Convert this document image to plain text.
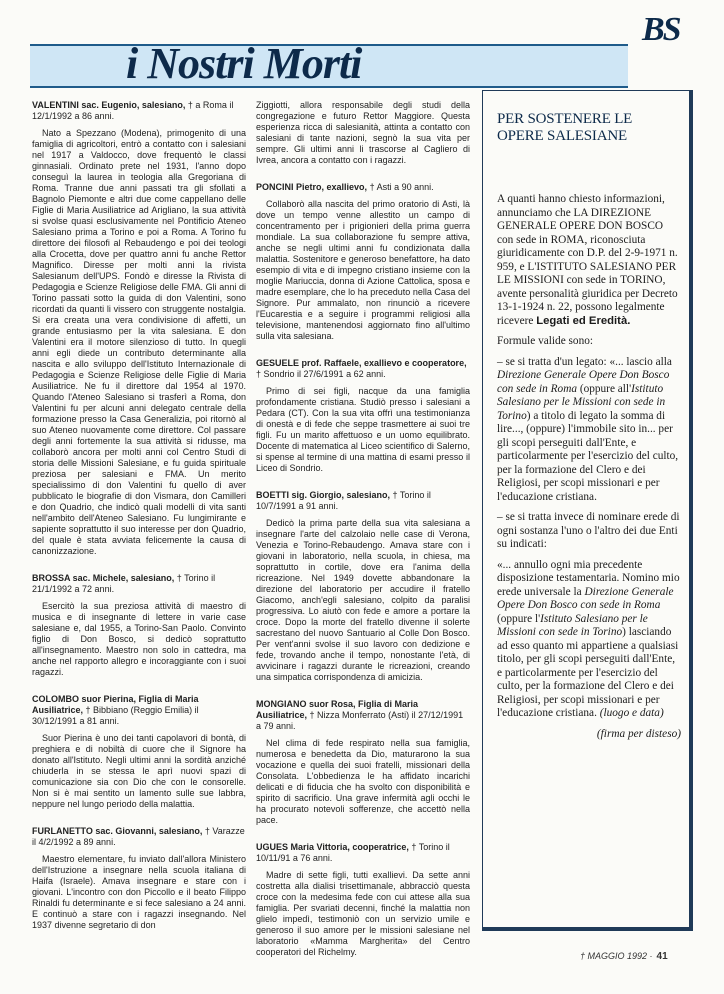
i Nostri Morti
BS
VALENTINI sac. Eugenio, salesiano, † a Roma il 12/1/1992 a 86 anni.

Nato a Spezzano (Modena), primogenito di una famiglia di agricoltori, entrò a contatto con i salesiani nel 1917 a Valdocco, dove frequentò le classi ginnasiali. Ordinato prete nel 1931, l'anno dopo conseguì la laurea in teologia alla Gregoriana di Roma. Tranne due anni passati tra gli sfollati a Bagnolo Piemonte e altri due come cappellano delle Figlie di Maria Ausiliatrice ad Arigliano, la sua attività si svolse quasi esclusivamente nel Pontificio Ateneo Salesiano prima a Torino e poi a Roma. A Torino fu direttore dei filosofi al Rebaudengo e poi dei teologi alla Crocetta, dove per quattro anni fu anche Rettor Magnifico. Diresse per molti anni la rivista Salesianum dell'UPS. Fondò e diresse la Rivista di Pedagogia e Scienze Religiose delle FMA. Gli anni di Torino passati sotto la guida di don Valentini, sono ricordati da quanti li vissero con struggente nostalgia. Si era creata una vera condivisione di affetti, un grande entusiasmo per la vita salesiana. E don Valentini era il motore silenzioso di tutto. In quegli anni egli diede un contributo determinante alla nascita e allo sviluppo dell'Istituto Internazionale di Pedagogia e Scienze Religiose delle Figlie di Maria Ausiliatrice. Ne fu il direttore dal 1954 al 1970. Quando l'Ateneo Salesiano si trasferì a Roma, don Valentini fu per alcuni anni delegato centrale della formazione presso la Casa Generalizia, poi ritornò al suo Ateneo nuovamente come direttore. Col passare degli anni fortemente la sua attività si ridusse, ma collaborò ancora per molti anni col Centro Studi di storia delle Missioni Salesiane, e fu guida spirituale preziosa per salesiani e FMA. Un merito specialissimo di don Valentini fu quello di aver pubblicato le biografie di don Vismara, don Camilleri e don Quadrio, che indicò quali modelli di vita santi nell'ambito dell'Ateneo Salesiano. Fu lungimirante e sapiente soprattutto il suo interesse per don Quadrio, del quale è stata avviata felicemente la causa di canonizzazione.

BROSSA sac. Michele, salesiano, † Torino il 21/1/1992 a 72 anni.

Esercitò la sua preziosa attività di maestro di musica e di insegnante di lettere in varie case salesiane e, dal 1955, a Torino-San Paolo. Convinto figlio di Don Bosco, si dedicò soprattutto all'insegnamento. Maestro non solo in cattedra, ma anche nel rapporto allegro e incoraggiante con i suoi ragazzi.

COLOMBO suor Pierina, Figlia di Maria Ausiliatrice, † Bibbiano (Reggio Emilia) il 30/12/1991 a 81 anni.

Suor Pierina è uno dei tanti capolavori di bontà, di preghiera e di nobiltà di cuore che il Signore ha donato all'Istituto. Negli ultimi anni la sordità anziché chiuderla in se stessa le aprì nuovi spazi di comunicazione sia con Dio che con le consorelle. Non si è mai sentito un lamento sulle sue labbra, neppure nel lungo periodo della malattia.

FURLANETTO sac. Giovanni, salesiano, † Varazze il 4/2/1992 a 89 anni.

Maestro elementare, fu inviato dall'allora Ministero dell'Istruzione a insegnare nella scuola italiana di Haifa (Israele). Amava insegnare e stare con i giovani. L'incontro con don Piccollo e il beato Filippo Rinaldi fu determinante e si fece salesiano a 24 anni. E continuò a stare con i ragazzi insegnando. Nel 1937 divenne segretario di don

Ziggiotti, allora responsabile degli studi della congregazione e futuro Rettor Maggiore. Questa esperienza ricca di salesianità, attinta a contatto con salesiani di tante nazioni, segnò la sua vita per sempre. Gli ultimi anni li trascorse al Cagliero di Ivrea, ancora a contatto con i ragazzi.

PONCINI Pietro, exallievo, † Asti a 90 anni.

Collaborò alla nascita del primo oratorio di Asti, là dove un tempo venne allestito un campo di concentramento per i prigionieri della prima guerra mondiale. La sua collaborazione fu sempre attiva, anche se negli ultimi anni fu condizionata dalla malattia. Sostenitore e generoso benefattore, ha dato esempio di vita e di impegno cristiano insieme con la moglie Mariuccia, donna di Azione Cattolica, sposa e madre esemplare, che lo ha preceduto nella Casa del Signore. Pur ammalato, non rinunciò a ricevere l'Eucarestia e a seguire i programmi religiosi alla televisione, mantenendosi aggiornato fino all'ultimo sulla vita salesiana.

GESUELE prof. Raffaele, exallievo e cooperatore, † Sondrio il 27/6/1991 a 62 anni.

Primo di sei figli, nacque da una famiglia profondamente cristiana. Studiò presso i salesiani a Pedara (CT). Con la sua vita offrì una testimonianza di onestà e di fede che seppe trasmettere ai suoi tre figli. Fu un marito affettuoso e un uomo equilibrato. Docente di matematica al Liceo scientifico di Salerno, si spense al termine di una mattina di esami presso il Liceo di Sondrio.

BOETTI sig. Giorgio, salesiano, † Torino il 10/7/1991 a 91 anni.

Dedicò la prima parte della sua vita salesiana a insegnare l'arte del calzolaio nelle case di Verona, Venezia e Torino-Rebaudengo. Amava stare con i giovani in laboratorio, nella scuola, in chiesa, ma soprattutto in cortile, dove era l'anima della ricreazione. Nel 1949 dovette abbandonare la direzione del laboratorio per accudire il fratello Giacomo, anch'egli salesiano, colpito da paralisi progressiva. Lo aiutò con fede e amore a portare la croce. Dopo la morte del fratello divenne il solerte sacrestano del nuovo Santuario al Colle Don Bosco. Per vent'anni svolse il suo lavoro con dedizione e fede, trovando anche il tempo, nonostante l'età, di avvicinare i ragazzi durante le ricreazioni, creando una simpatica corrispondenza di amicizia.

MONGIANO suor Rosa, Figlia di Maria Ausiliatrice, † Nizza Monferrato (Asti) il 27/12/1991 a 79 anni.

Nel clima di fede respirato nella sua famiglia, numerosa e benedetta da Dio, maturarono la sua vocazione e quella dei suoi fratelli, missionari della Consolata. L'obbedienza le ha affidato incarichi delicati e di fiducia che ha svolto con disponibilità e spirito di sacrificio. Una grave infermità agli occhi le ha procurato notevoli sofferenze, che accettò nella pace.

UGUES Maria Vittoria, cooperatrice, † Torino il 10/11/91 a 76 anni.

Madre di sette figli, tutti exallievi. Da sette anni costretta alla dialisi trisettimanale, abbracciò questa croce con la medesima fede con cui attese alla sua famiglia. Per svariati decenni, finché la malattia non glielo impedì, testimoniò con un servizio umile e generoso il suo amore per le missioni salesiane nel laboratorio «Mamma Margherita» del Centro cooperatori del Richelmy.

PER SOSTENERE LE OPERE SALESIANE

A quanti hanno chiesto informazioni, annunciamo che LA DIREZIONE GENERALE OPERE DON BOSCO con sede in ROMA, riconosciuta giuridicamente con D.P. del 2-9-1971 n. 959, e L'ISTITUTO SALESIANO PER LE MISSIONI con sede in TORINO, avente personalità giuridica per Decreto 13-1-1924 n. 22, possono legalmente ricevere Legati ed Eredità.

Formule valide sono:

– se si tratta d'un legato: «... lascio alla Direzione Generale Opere Don Bosco con sede in Roma (oppure all'Istituto Salesiano per le Missioni con sede in Torino) a titolo di legato la somma di lire..., (oppure) l'immobile sito in... per gli scopi perseguiti dall'Ente, e particolarmente per l'esercizio del culto, per la formazione del Clero e dei Religiosi, per scopi missionari e per l'educazione cristiana.

– se si tratta invece di nominare erede di ogni sostanza l'uno o l'altro dei due Enti su indicati:

«... annullo ogni mia precedente disposizione testamentaria. Nomino mio erede universale la Direzione Generale Opere Don Bosco con sede in Roma (oppure l'Istituto Salesiano per le Missioni con sede in Torino) lasciando ad esso quanto mi appartiene a qualsiasi titolo, per gli scopi perseguiti dall'Ente, e particolarmente per l'esercizio del culto, per la formazione del Clero e dei Religiosi, per scopi missionari e per l'educazione cristiana. (luogo e data)

(firma per disteso)
† MAGGIO 1992 · 41
